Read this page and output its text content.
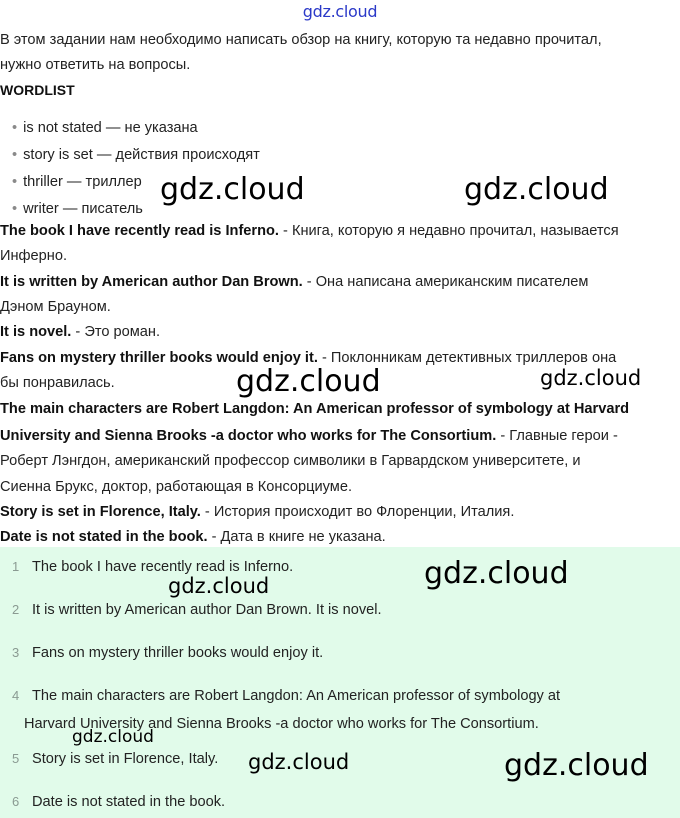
gdz.cloud
В этом задании нам необходимо написать обзор на книгу, которую та недавно прочитал,
нужно ответить на вопросы.
WORDLIST
• is not stated — не указана
• story is set — действия происходят
• thriller — триллер
• writer — писатель
The book I have recently read is Inferno. - Книга, которую я недавно прочитал, называется
Инферно.
It is written by American author Dan Brown. - Она написана американским писателем
Дэном Брауном.
It is novel. - Это роман.
Fans on mystery thriller books would enjoy it. - Поклонникам детективных триллеров она
бы понравилась.
The main characters are Robert Langdon: An American professor of symbology at Harvard
University and Sienna Brooks -a doctor who works for The Consortium. - Главные герои -
Роберт Лэнгдон, американский профессор символики в Гарвардском университете, и
Сиенна Брукс, доктор, работающая в Консорциуме.
Story is set in Florence, Italy. - История происходит во Флоренции, Италия.
Date is not stated in the book. - Дата в книге не указана.
1 The book I have recently read is Inferno.
2 It is written by American author Dan Brown. It is novel.
3 Fans on mystery thriller books would enjoy it.
4 The main characters are Robert Langdon: An American professor of symbology at
Harvard University and Sienna Brooks -a doctor who works for The Consortium.
5 Story is set in Florence, Italy.
6 Date is not stated in the book.
gdz.cloud	gdz.cloud
gdz.cloud	gdz.cloud
gdz.cloud	gdz.cloud
gdz.cloud
gdz.cloud	gdz.cloud
